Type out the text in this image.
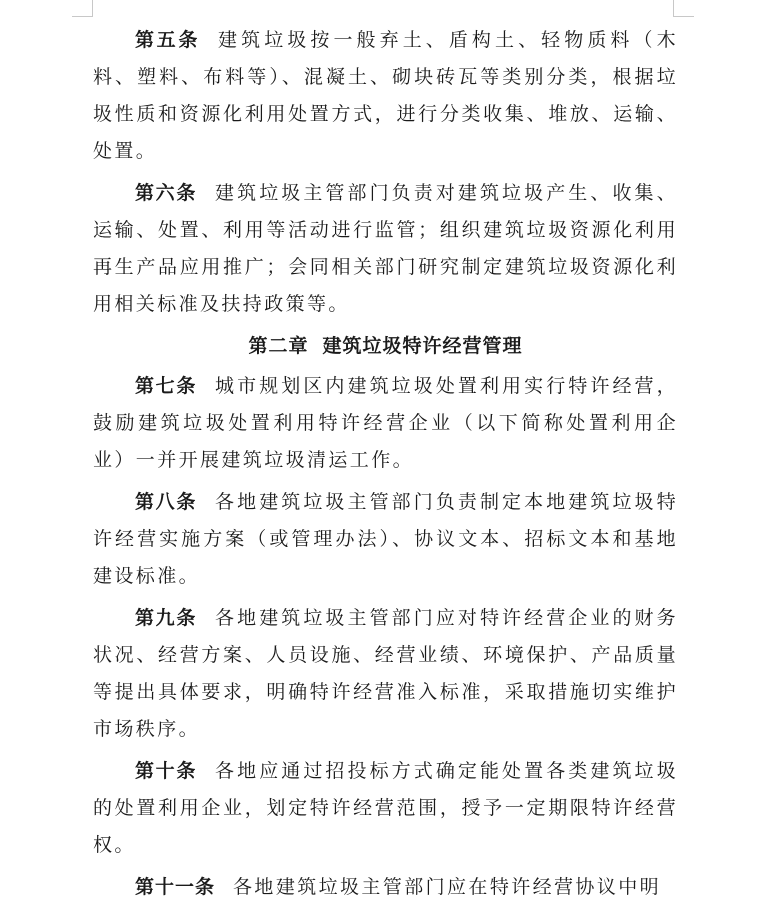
第五条 建筑垃圾按一般弃土、盾构土、轻物质料（木料、塑料、布料等）、混凝土、砌块砖瓦等类别分类，根据垃圾性质和资源化利用处置方式，进行分类收集、堆放、运输、处置。

第六条 建筑垃圾主管部门负责对建筑垃圾产生、收集、运输、处置、利用等活动进行监管；组织建筑垃圾资源化利用再生产品应用推广；会同相关部门研究制定建筑垃圾资源化利用相关标准及扶持政策等。

第二章 建筑垃圾特许经营管理

第七条 城市规划区内建筑垃圾处置利用实行特许经营，鼓励建筑垃圾处置利用特许经营企业（以下简称处置利用企业）一并开展建筑垃圾清运工作。

第八条 各地建筑垃圾主管部门负责制定本地建筑垃圾特许经营实施方案（或管理办法）、协议文本、招标文本和基地建设标准。

第九条 各地建筑垃圾主管部门应对特许经营企业的财务状况、经营方案、人员设施、经营业绩、环境保护、产品质量等提出具体要求，明确特许经营准入标准，采取措施切实维护市场秩序。

第十条 各地应通过招投标方式确定能处置各类建筑垃圾的处置利用企业，划定特许经营范围，授予一定期限特许经营权。

第十一条 各地建筑垃圾主管部门应在特许经营协议中明
